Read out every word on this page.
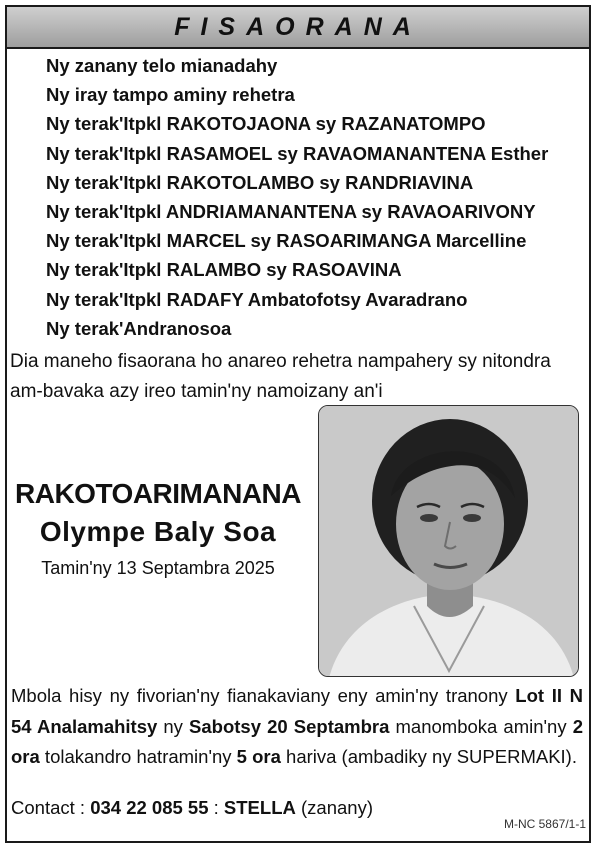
FISAORANA
Ny zanany telo mianadahy
Ny iray tampo aminy rehetra
Ny terak'Itpkl RAKOTOJAONA sy RAZANATOMPO
Ny terak'Itpkl RASAMOEL sy RAVAOMANANTENA Esther
Ny terak'Itpkl RAKOTOLAMBO sy RANDRIAVINA
Ny terak'Itpkl ANDRIAMANANTENA sy RAVAOARIVONY
Ny terak'Itpkl MARCEL sy RASOARIMANGA Marcelline
Ny terak'Itpkl RALAMBO sy RASOAVINA
Ny terak'Itpkl RADAFY Ambatofotsy Avaradrano
Ny terak'Andranosoa
Dia maneho fisaorana ho anareo rehetra nampahery sy nitondra am-bavaka azy ireo tamin'ny namoizany an'i
RAKOTOARIMANANA
Olympe Baly Soa
Tamin'ny 13 Septambra 2025
Mbola hisy ny fivorian'ny fianakaviany eny amin'ny tranony Lot II N 54 Analamahitsy ny Sabotsy 20 Septambra manomboka amin'ny 2 ora tolakandro hatramin'ny 5 ora hariva (ambadiky ny SUPERMAKI).
Contact : 034 22 085 55 : STELLA (zanany)
M-NC 5867/1-1
